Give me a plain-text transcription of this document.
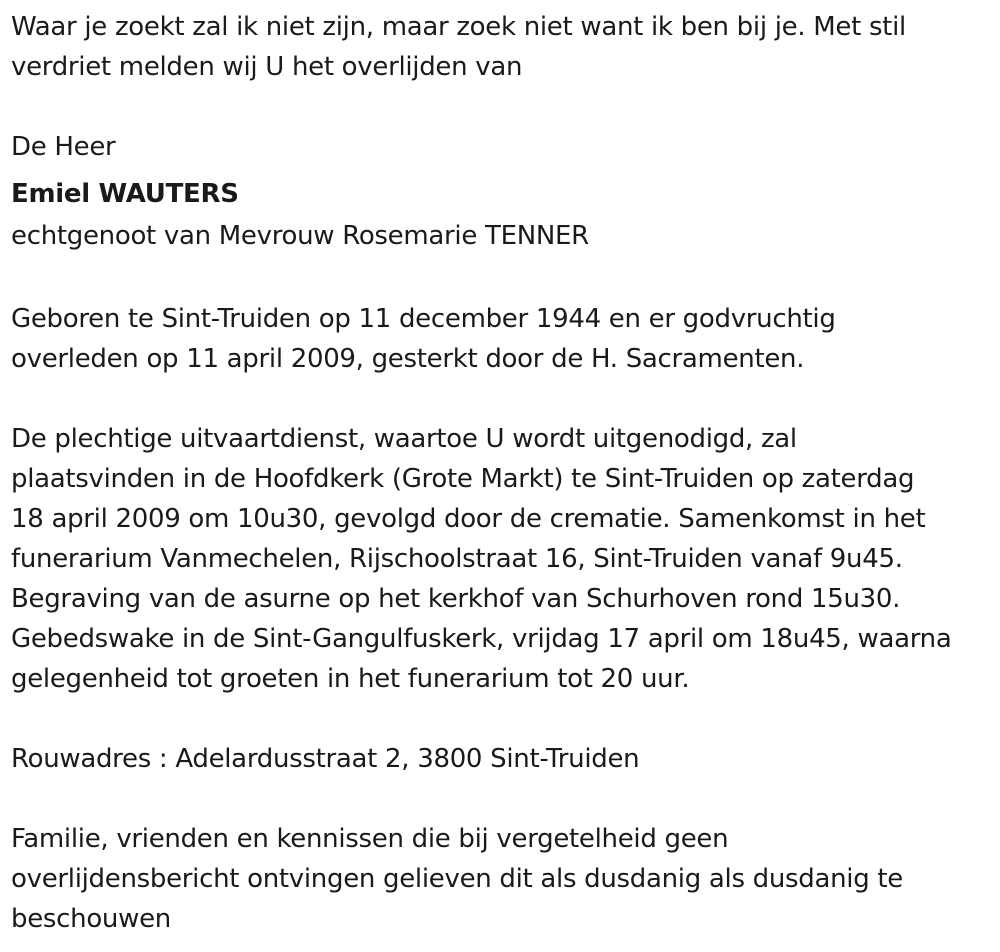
Waar je zoekt zal ik niet zijn, maar zoek niet want ik ben bij je. Met stil
verdriet melden wij U het overlijden van

De Heer
Emiel WAUTERS
echtgenoot van Mevrouw Rosemarie TENNER

Geboren te Sint-Truiden op 11 december 1944 en er godvruchtig
overleden op 11 april 2009, gesterkt door de H. Sacramenten.

De plechtige uitvaartdienst, waartoe U wordt uitgenodigd, zal
plaatsvinden in de Hoofdkerk (Grote Markt) te Sint-Truiden op zaterdag
18 april 2009 om 10u30, gevolgd door de crematie. Samenkomst in het
funerarium Vanmechelen, Rijschoolstraat 16, Sint-Truiden vanaf 9u45.
Begraving van de asurne op het kerkhof van Schurhoven rond 15u30.
Gebedswake in de Sint-Gangulfuskerk, vrijdag 17 april om 18u45, waarna
gelegenheid tot groeten in het funerarium tot 20 uur.

Rouwadres : Adelardusstraat 2, 3800 Sint-Truiden

Familie, vrienden en kennissen die bij vergetelheid geen
overlijdensbericht ontvingen gelieven dit als dusdanig als dusdanig te
beschouwen
